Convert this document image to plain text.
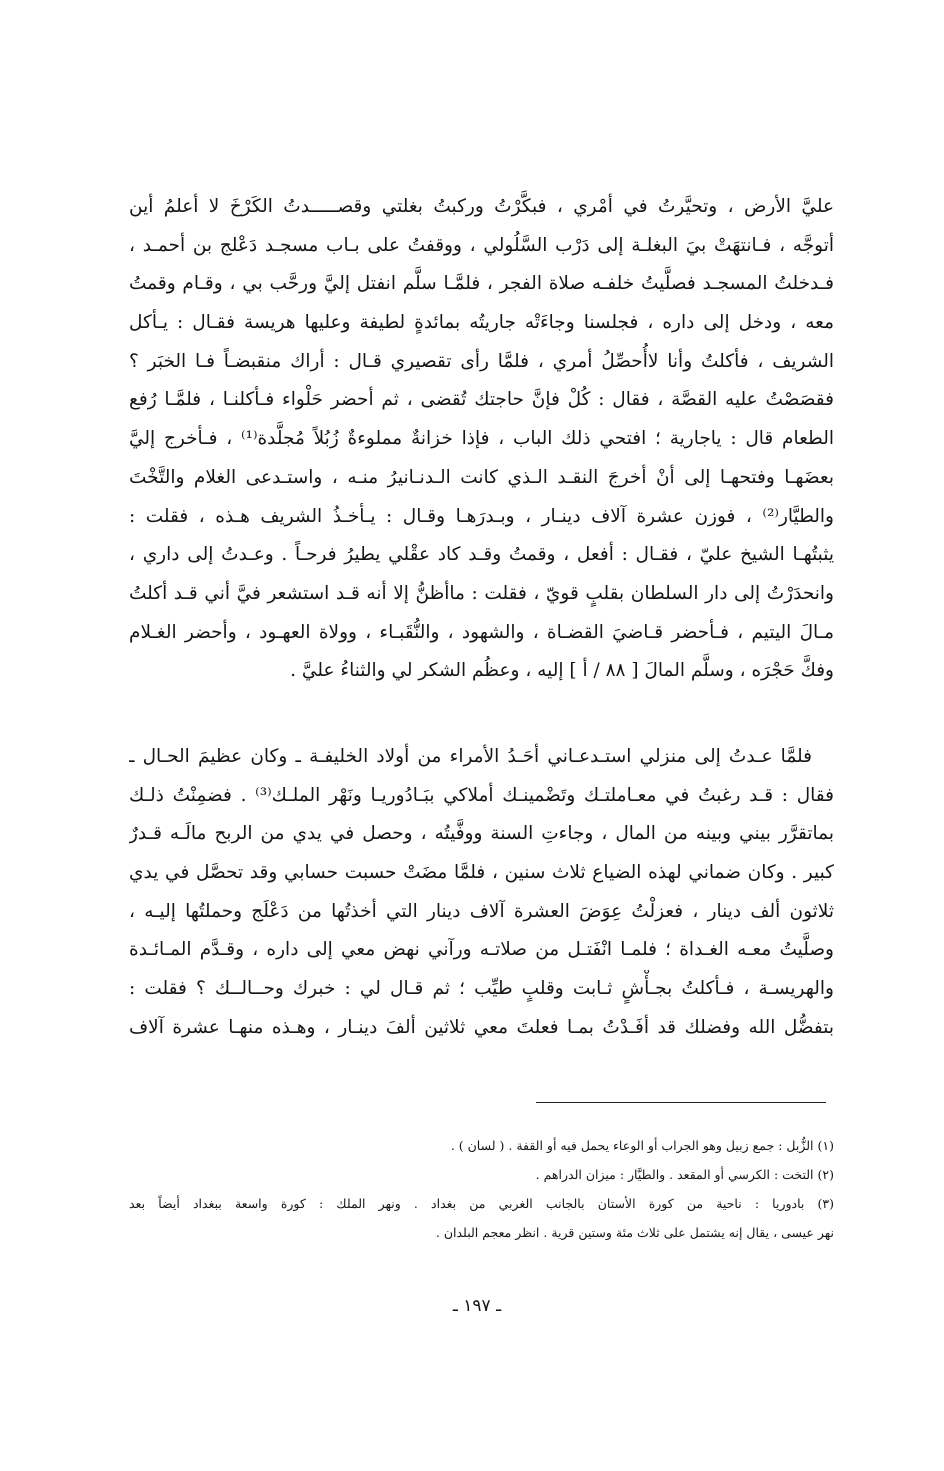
عليَّ الأرض ، وتحيَّرتُ في أمْري ، فبكَّرْتُ وركبتُ بغلتي وقصـــــدتُ الكَرْخَ لا أعلمُ أين
أتوجَّه ، فـانتهَتْ بيَ البغلـة إلى دَرْب السَّلُولي ، ووقفتُ على بـاب مسجـد دَعْلج بن أحمـد ،
فـدخلتُ المسجـد فصلَّيتُ خلفـه صلاة الفجر ، فلمَّـا سلَّم انفتل إليَّ ورحَّب بي ، وقـام وقمتُ
معه ، ودخل إلى داره ، فجلسنا وجاءَتْه جاريتُه بمائدةٍ لطيفة وعليها هريسة فقـال : يـأكل
الشريف ، فأكلتُ وأنا لاأُحصِّلُ أمري ، فلمَّا رأى تقصيري قـال : أراك منقبضـاً فـا الخبَر ؟
فقصَصْتُ عليه القصَّة ، فقال : كُلْ فإنَّ حاجتك تُقضى ، ثم أحضر حَلْواء فـأكلنـا ، فلمَّـا رُفع
الطعام قال : ياجارية ؛ افتحي ذلك الباب ، فإذا خزانةٌ مملوءةٌ زُبُلاً مُجلَّدة⁽¹⁾ ، فـأخرج إليَّ
بعضَهـا وفتحهـا إلى أنْ أخرجَ النقـد الـذي كانت الـدنـانيرُ منـه ، واستـدعى الغلام والتَّخْتَ
والطيَّار⁽²⁾ ، فوزن عشرة آلاف دينـار ، وبـدرَهـا وقـال : يـأخـذُ الشريف هـذه ، فقلت :
يثبتُهـا الشيخ عليّ ، فقـال : أفعل ، وقمتُ وقـد كاد عقْلي يطيرُ فرحـاً . وعـدتُ إلى داري ،
وانحدَرْتُ إلى دار السلطان بقلبٍ قويّ ، فقلت : ماأظنُّ إلا أنه قـد استشعر فيَّ أني قـد أكلتُ
مـالَ اليتيم ، فـأحضر قـاضيَ القضـاة ، والشهود ، والنُّقَبـاء ، وولاة العهـود ، وأحضر الغـلام
وفكَّ حَجْرَه ، وسلَّم المالَ [ ٨٨ / أ ] إليه ، وعظُم الشكر لي والثناءُ عليَّ .
فلمَّا عـدتُ إلى منزلي استـدعـاني أحَـدُ الأمراء من أولاد الخليفـة ـ وكان عظيمَ الحـال ـ
فقال : قـد رغبتُ في معـاملتـك وتَضْمينـك أملاكي ببَـادُوريـا ونَهْر الملـك⁽³⁾ . فضمِنْتُ ذلـك
بماتقرَّر بيني وبينه من المال ، وجاءتِ السنة ووفَّيتُه ، وحصل في يدي من الربح مالَـه قـدرٌ
كبير . وكان ضماني لهذه الضياع ثلاث سنين ، فلمَّا مضَتْ حسبت حسابي وقد تحصَّل في يدي
ثلاثون ألف دينار ، فعزلْتُ عِوَضَ العشرة آلاف دينار التي أخذتُها من دَعْلَج وحملتُها إليـه ،
وصلَّيتُ معـه الغـداة ؛ فلمـا انْفَتـل من صلاتـه ورآني نهض معي إلى داره ، وقـدَّم المـائـدة
والهريسـة ، فـأكلتُ بجـأْشٍ ثـابت وقلبٍ طيِّب ؛ ثم قـال لي : خبرك وحــالــك ؟ فقلت :
بتفضُّل الله وفضلك قد أفَـدْتُ بمـا فعلتَ معي ثلاثين ألفَ دينـار ، وهـذه منهـا عشرة آلاف
(١) الزُّبل : جمع زبيل وهو الجراب أو الوعاء يحمل فيه أو القفة . ( لسان ) .
(٢) التخت : الكرسي أو المقعد . والطيَّار : ميزان الدراهم .
(٣) بادوريا : ناحية من كورة الأستان بالجانب الغربي من بغداد . ونهر الملك : كورة واسعة ببغداد أيضاً بعد
نهر عيسى ، يقال إنه يشتمل على ثلاث مئة وستين قرية . انظر معجم البلدان .
ـ ١٩٧ ـ
